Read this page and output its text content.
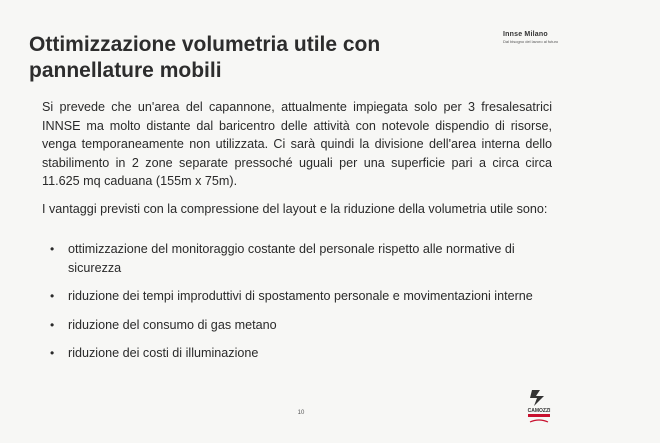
Ottimizzazione volumetria utile con pannellature mobili
Innse Milano
Dal bisogno del lavoro al futuro

Si prevede che un'area del capannone, attualmente impiegata solo per 3 fresalesatrici INNSE ma molto distante dal baricentro delle attività con notevole dispendio di risorse, venga temporaneamente non utilizzata. Ci sarà quindi la divisione dell'area interna dello stabilimento in 2 zone separate pressoché uguali per una superficie pari a circa circa 11.625 mq caduana (155m x 75m).

I vantaggi previsti con la compressione del layout e la riduzione della volumetria utile sono:

• ottimizzazione del monitoraggio costante del personale rispetto alle normative di sicurezza
• riduzione dei tempi improduttivi di spostamento personale e movimentazioni interne
• riduzione del consumo di gas metano
• riduzione dei costi di illuminazione
10	CAMOZZI
